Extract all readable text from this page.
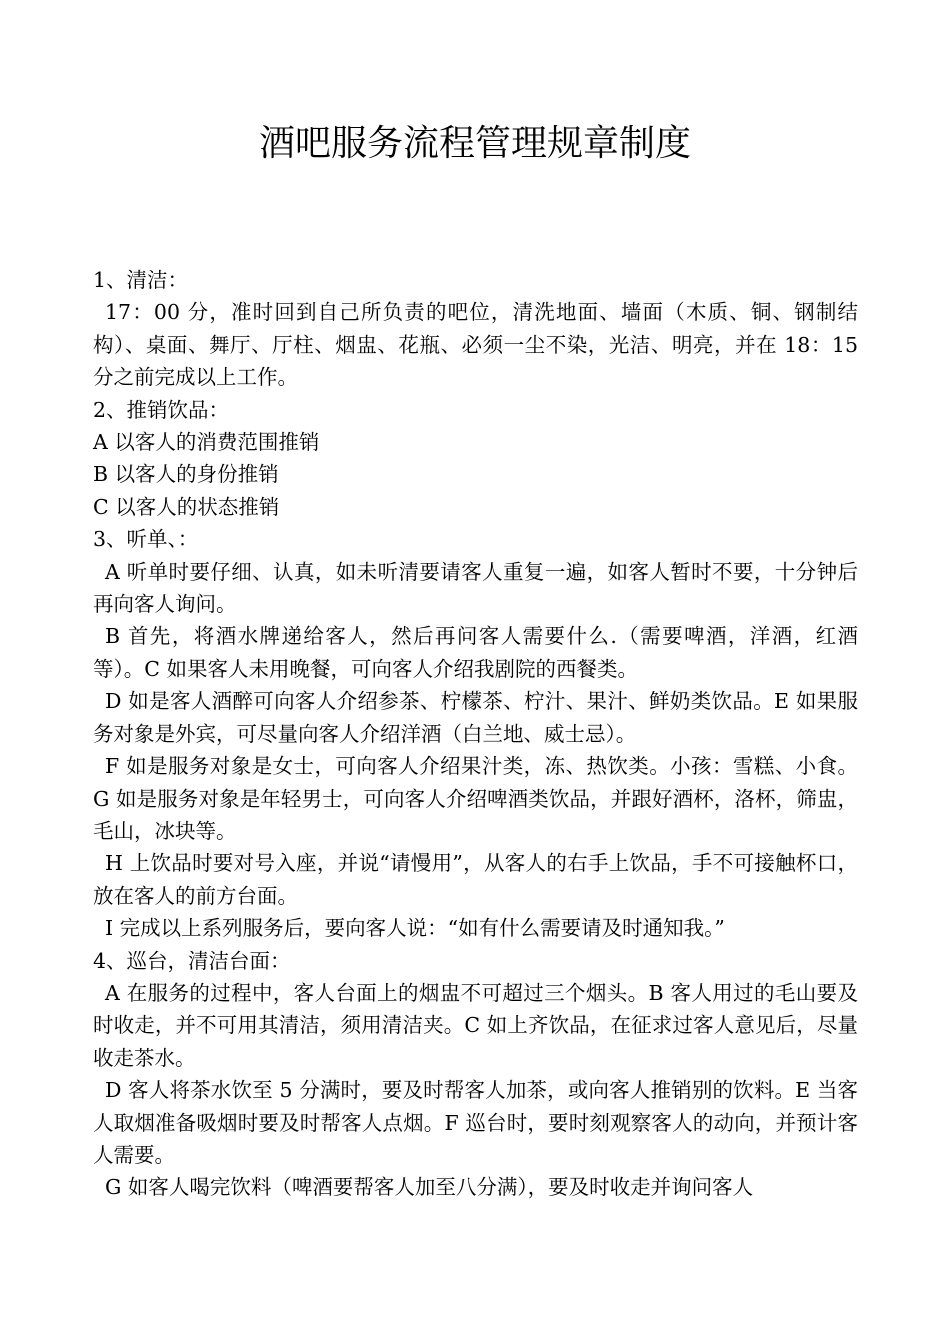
酒吧服务流程管理规章制度

1、清洁：

17：00 分，准时回到自己所负责的吧位，清洗地面、墙面（木质、铜、钢制结构）、桌面、舞厅、厅柱、烟盅、花瓶、必须一尘不染，光洁、明亮，并在 18：15 分之前完成以上工作。

2、推销饮品：

A 以客人的消费范围推销

B 以客人的身份推销

C 以客人的状态推销

3、听单、：

A 听单时要仔细、认真，如未听清要请客人重复一遍，如客人暂时不要，十分钟后再向客人询问。

B 首先，将酒水牌递给客人，然后再问客人需要什么.（需要啤酒，洋酒，红酒等）。C 如果客人未用晚餐，可向客人介绍我剧院的西餐类。

D 如是客人酒醉可向客人介绍参茶、柠檬茶、柠汁、果汁、鲜奶类饮品。E 如果服务对象是外宾，可尽量向客人介绍洋酒（白兰地、威士忌）。

F 如是服务对象是女士，可向客人介绍果汁类，冻、热饮类。小孩：雪糕、小食。G 如是服务对象是年轻男士，可向客人介绍啤酒类饮品，并跟好酒杯，洛杯，筛盅，毛山，冰块等。

H 上饮品时要对号入座，并说“请慢用”，从客人的右手上饮品，手不可接触杯口，放在客人的前方台面。

I 完成以上系列服务后，要向客人说：“如有什么需要请及时通知我。”

4、巡台，清洁台面：

A 在服务的过程中，客人台面上的烟盅不可超过三个烟头。B 客人用过的毛山要及时收走，并不可用其清洁，须用清洁夹。C 如上齐饮品，在征求过客人意见后，尽量收走茶水。

D 客人将茶水饮至 5 分满时，要及时帮客人加茶，或向客人推销别的饮料。E 当客人取烟准备吸烟时要及时帮客人点烟。F 巡台时，要时刻观察客人的动向，并预计客人需要。

G 如客人喝完饮料（啤酒要帮客人加至八分满），要及时收走并询问客人
